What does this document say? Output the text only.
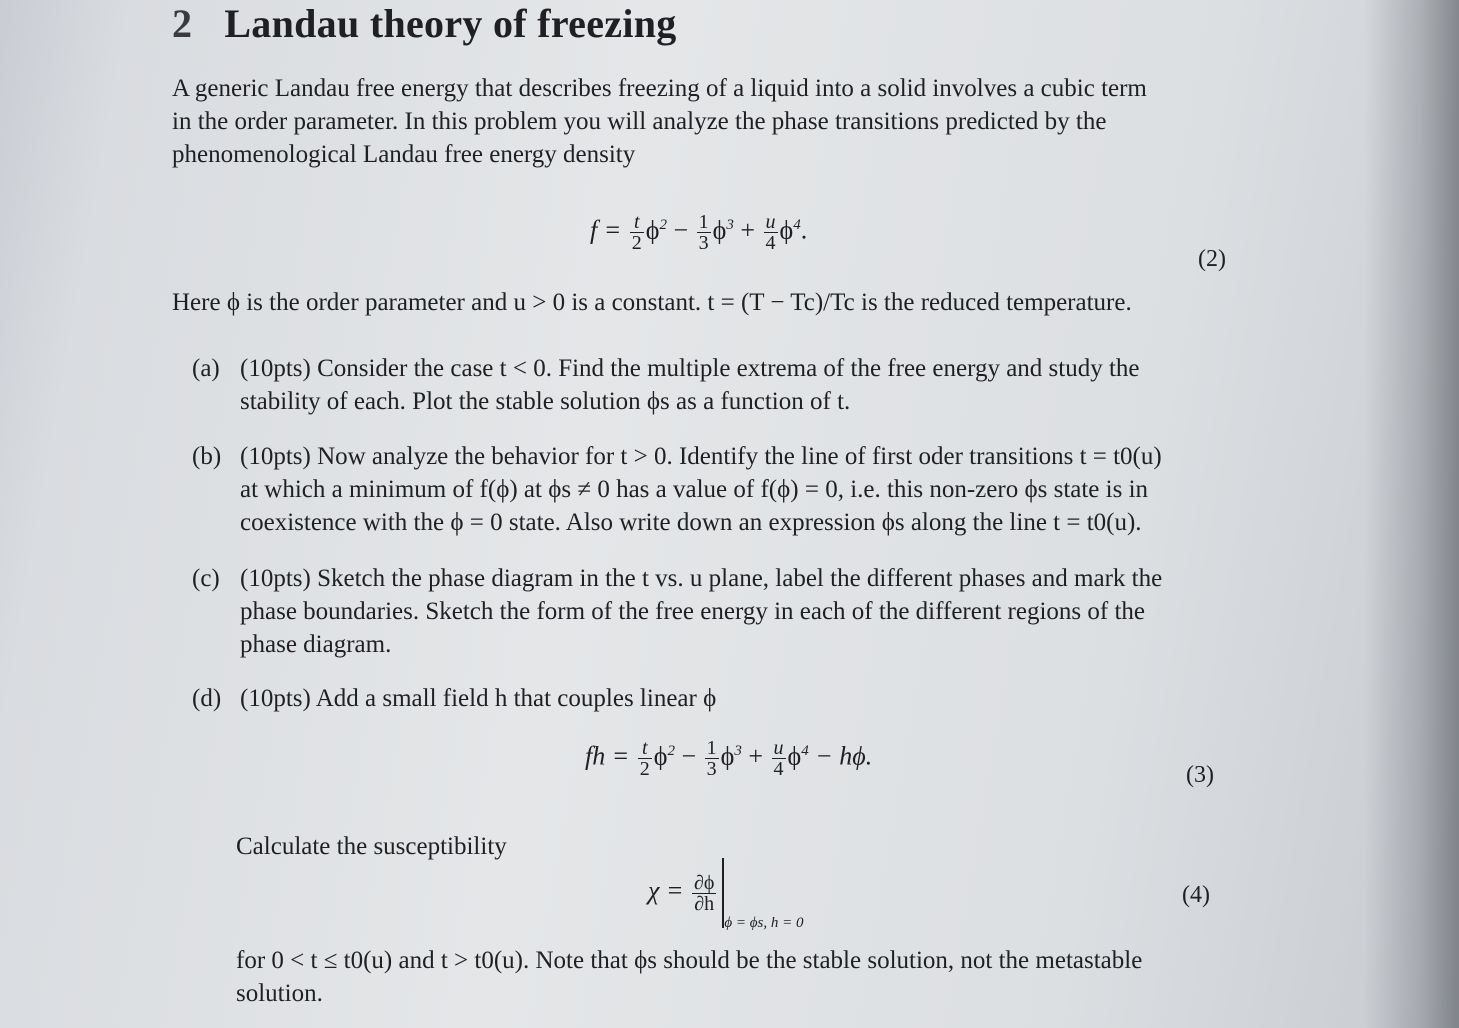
2 Landau theory of freezing
A generic Landau free energy that describes freezing of a liquid into a solid involves a cubic term
in the order parameter. In this problem you will analyze the phase transitions predicted by the
phenomenological Landau free energy density
$f = \frac{t}{2} \phi^2 - \frac{1}{3} \phi^3 + \frac{u}{4} \phi^4$.
(2)
Here ϕ is the order parameter and u > 0 is a constant. t = (T − Tc)/Tc is the reduced temperature.
(a) (10pts) Consider the case t < 0. Find the multiple extrema of the free energy and study the
stability of each. Plot the stable solution ϕs as a function of t.
(b) (10pts) Now analyze the behavior for t > 0. Identify the line of first oder transitions t = t0(u)
at which a minimum of f(ϕ) at ϕs ≠ 0 has a value of f(ϕ) = 0, i.e. this non-zero ϕs state is in
coexistence with the ϕ = 0 state. Also write down an expression ϕs along the line t = t0(u).
(c) (10pts) Sketch the phase diagram in the t vs. u plane, label the different phases and mark the
phase boundaries. Sketch the form of the free energy in each of the different regions of the
phase diagram.
(d) (10pts) Add a small field h that couples linear ϕ
fh = $\frac{t}{2} \phi^2 - \frac{1}{3} \phi^3 + \frac{u}{4} \phi^4 - h\phi$.
(3)
Calculate the susceptibility
$\chi = \frac{\partial\phi}{\partial h}$
$_{\phi = \phi s, h = 0}$
(4)
for 0 < t ≤ t0(u) and t > t0(u). Note that ϕs should be the stable solution, not the metastable
solution.
